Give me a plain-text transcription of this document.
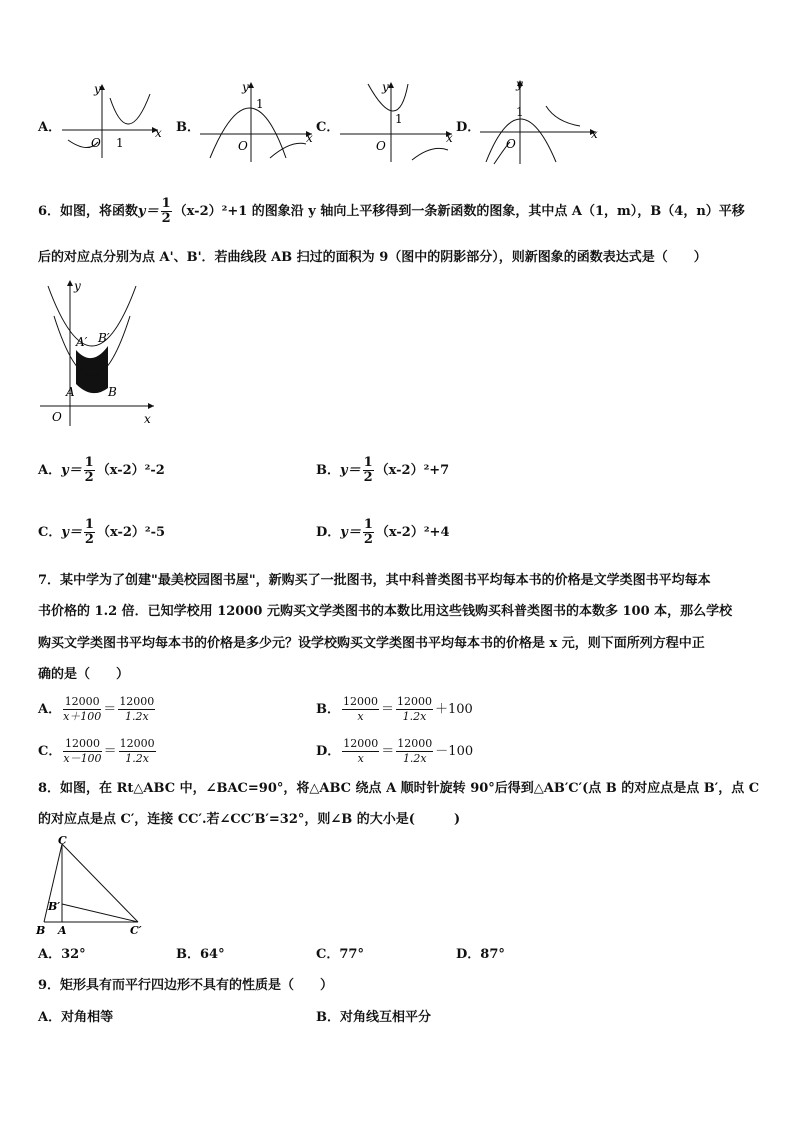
A．
y
x
O 1
B．
y
x
O
1
C．
y
x
O
1
D．
y
x
O
1
6．如图，将函数$y= \frac{1}{2} (x-2)^2+1$ 的图象沿 y 轴向上平移得到一条新函数的图象，其中点 A（1，m），B（4，n）平移
后的对应点分别为点 A'、B'．若曲线段 AB 扫过的面积为 9（图中的阴影部分），则新图象的函数表达式是（　　）
y
x
O
A	B
A′ B′
A．$y= \frac{1}{2} (x-2)^2-2$	B．$y= \frac{1}{2} (x-2)^2+7$
C．$y= \frac{1}{2} (x-2)^2-5$	D．$y= \frac{1}{2} (x-2)^2+4$
7．某中学为了创建"最美校园图书屋"，新购买了一批图书，其中科普类图书平均每本书的价格是文学类图书平均每本
书价格的 1.2 倍．已知学校用 12000 元购买文学类图书的本数比用这些钱购买科普类图书的本数多 100 本，那么学校
购买文学类图书平均每本书的价格是多少元？设学校购买文学类图书平均每本书的价格是 x 元，则下面所列方程中正
确的是（　　）
A． $\frac{12000}{x+100} = \frac{12000}{1.2x}$	B． $\frac{12000}{x} = \frac{12000}{1.2x} +100$
C． $\frac{12000}{x-100} = \frac{12000}{1.2x}$	D． $\frac{12000}{x} = \frac{12000}{1.2x} -100$
8．如图，在 Rt△ABC 中，∠BAC=90°，将△ABC 绕点 A 顺时针旋转 90°后得到△AB′C′(点 B 的对应点是点 B′，点 C
的对应点是点 C′，连接 CC′.若∠CC′B′=32°，则∠B 的大小是(　　　)
C
B′
B A	C′
A．32°	B．64°	C．77°	D．87°
9．矩形具有而平行四边形不具有的性质是（　　）
A．对角相等	B．对角线互相平分
